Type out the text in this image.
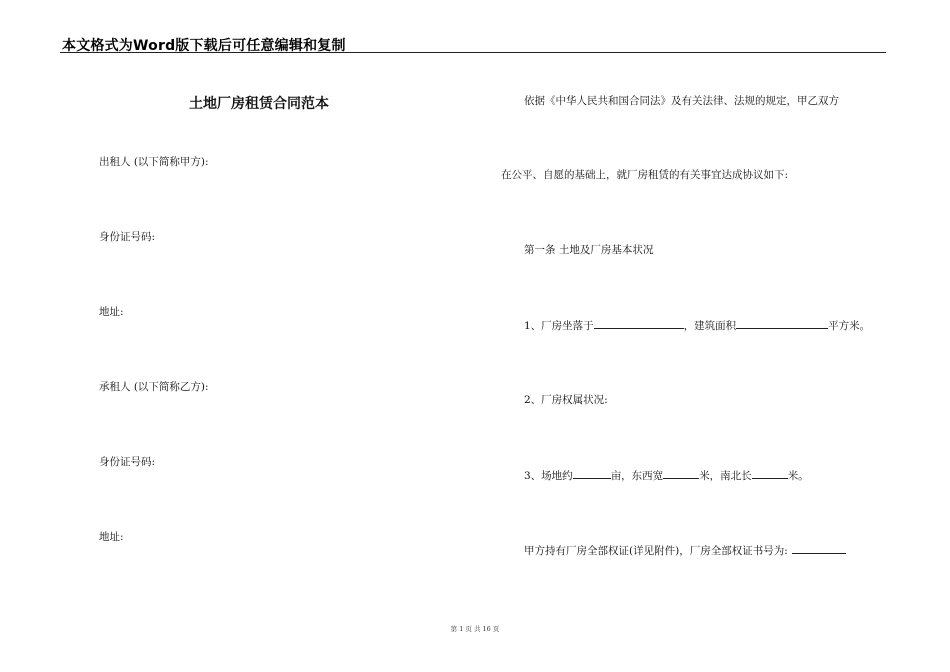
本文格式为Word版下载后可任意编辑和复制
土地厂房租赁合同范本
出租人 (以下简称甲方):
身份证号码:
地址:
承租人 (以下简称乙方):
身份证号码:
地址:
依据《中华人民共和国合同法》及有关法律、法规的规定，甲乙双方
在公平、自愿的基础上，就厂房租赁的有关事宜达成协议如下:
第一条 土地及厂房基本状况
1、厂房坐落于	，建筑面积	平方米。
2、厂房权属状况:
3、场地约	亩，东西宽	米，南北长	米。
甲方持有厂房全部权证(详见附件)，厂房全部权证书号为:
第 1 页 共 16 页
